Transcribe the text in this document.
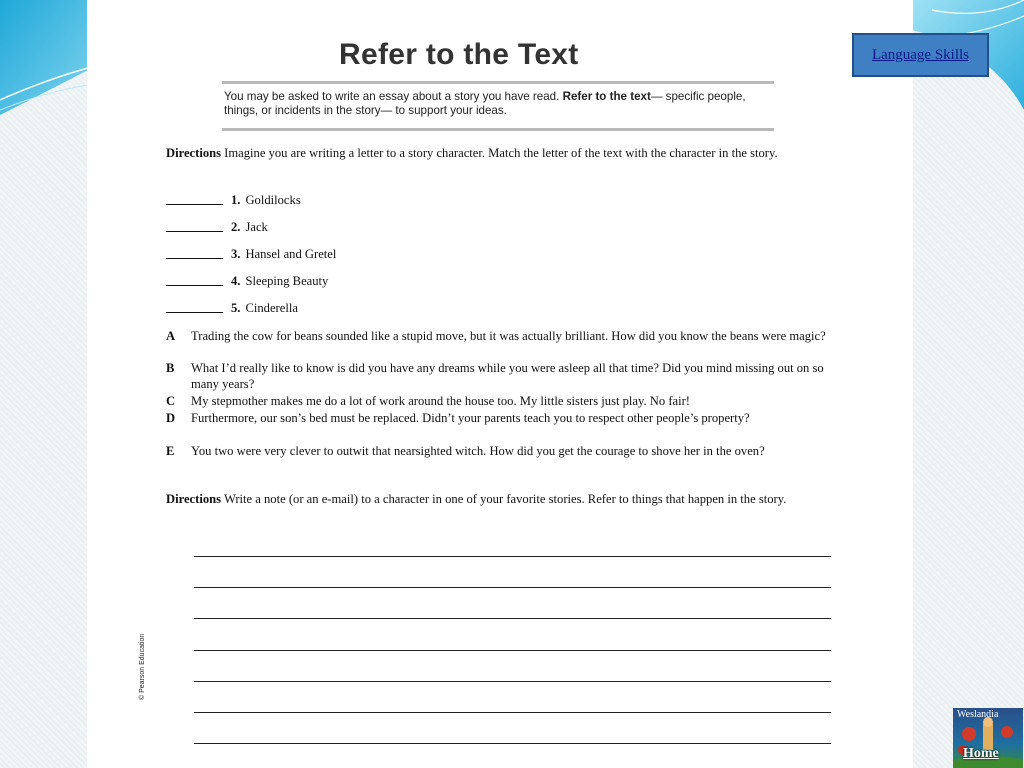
Refer to the Text

You may be asked to write an essay about a story you have read. Refer to the text— specific people, things, or incidents in the story— to support your ideas.

Directions Imagine you are writing a letter to a story character. Match the letter of the text with the character in the story.
1. Goldilocks
2. Jack
3. Hansel and Gretel
4. Sleeping Beauty
5. Cinderella
A Trading the cow for beans sounded like a stupid move, but it was actually brilliant. How did you know the beans were magic?
B What I’d really like to know is did you have any dreams while you were asleep all that time? Did you mind missing out on so many years?
C My stepmother makes me do a lot of work around the house too. My little sisters just play. No fair!
D Furthermore, our son’s bed must be replaced. Didn’t your parents teach you to respect other people’s property?
E You two were very clever to outwit that nearsighted witch. How did you get the courage to shove her in the oven?
Directions Write a note (or an e-mail) to a character in one of your favorite stories. Refer to things that happen in the story.
© Pearson Education
Language Skills
Weslandia
Home
